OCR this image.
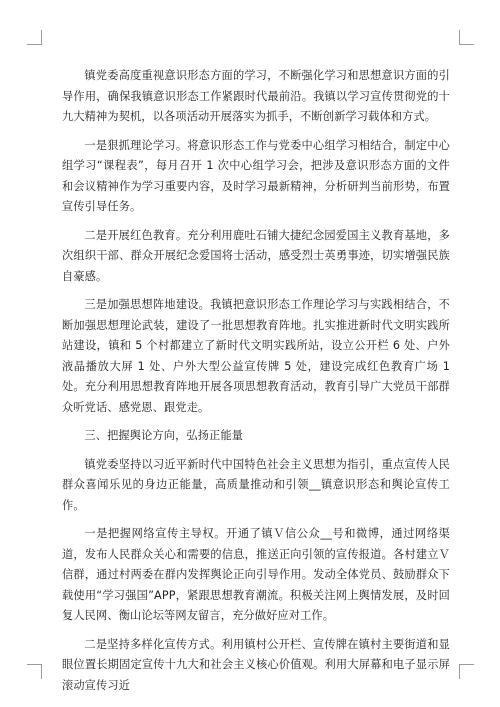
镇党委高度重视意识形态方面的学习，不断强化学习和思想意识方面的引导作用，确保我镇意识形态工作紧跟时代最前沿。我镇以学习宣传贯彻党的十九大精神为契机，以各项活动开展落实为抓手，不断创新学习载体和方式。

一是狠抓理论学习。将意识形态工作与党委中心组学习相结合，制定中心组学习“课程表”，每月召开 1 次中心组学习会，把涉及意识形态方面的文件和会议精神作为学习重要内容，及时学习最新精神，分析研判当前形势，布置宣传引导任务。

二是开展红色教育。充分利用鹿吐石铺大捷纪念园爱国主义教育基地，多次组织干部、群众开展纪念爱国将士活动，感受烈士英勇事迹，切实增强民族自豪感。

三是加强思想阵地建设。我镇把意识形态工作理论学习与实践相结合，不断加强思想理论武装，建设了一批思想教育阵地。扎实推进新时代文明实践所站建设，镇和 5 个村都建立了新时代文明实践所站，设立公开栏 6 处、户外液晶播放大屏 1 处、户外大型公益宣传牌 5 处，建设完成红色教育广场 1 处。充分利用思想教育阵地开展各项思想教育活动，教育引导广大党员干部群众听党话、感党恩、跟党走。

三、把握舆论方向，弘扬正能量

镇党委坚持以习近平新时代中国特色社会主义思想为指引，重点宣传人民群众喜闻乐见的身边正能量，高质量推动和引领__镇意识形态和舆论宣传工作。

一是把握网络宣传主导权。开通了镇Ｖ信公众__号和微博，通过网络渠道，发布人民群众关心和需要的信息，推送正向引领的宣传报道。各村建立Ｖ信群，通过村两委在群内发挥舆论正向引导作用。发动全体党员、鼓励群众下载使用“学习强国”APP，紧跟思想教育潮流。积极关注网上舆情发展，及时回复人民网、衡山论坛等网友留言，充分做好应对工作。

二是坚持多样化宣传方式。利用镇村公开栏、宣传牌在镇村主要街道和显眼位置长期固定宣传十九大和社会主义核心价值观。利用大屏幕和电子显示屏滚动宣传习近
